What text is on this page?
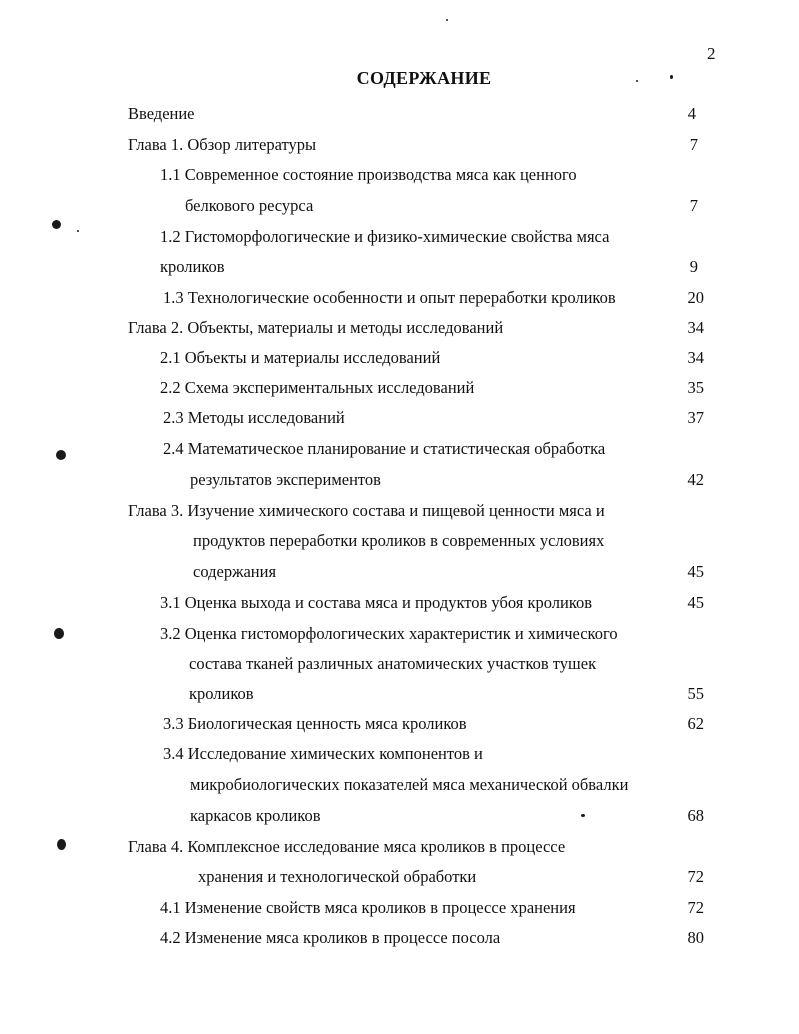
2
СОДЕРЖАНИЕ
Введение	4
Глава 1. Обзор литературы	7
1.1 Современное состояние производства мяса как ценного
белкового ресурса	7
1.2 Гистоморфологические и физико-химические свойства мяса
кроликов	9
1.3 Технологические особенности и опыт переработки кроликов	20
Глава 2. Объекты, материалы и методы исследований	34
2.1 Объекты и материалы исследований	34
2.2 Схема экспериментальных исследований	35
2.3 Методы исследований	37
2.4 Математическое планирование и статистическая обработка
результатов экспериментов	42
Глава 3. Изучение химического состава и пищевой ценности мяса и
продуктов переработки кроликов в современных условиях
содержания	45
3.1 Оценка выхода и состава мяса и продуктов убоя кроликов	45
3.2 Оценка гистоморфологических характеристик и химического
состава тканей различных анатомических участков тушек
кроликов	55
3.3 Биологическая ценность мяса кроликов	62
3.4 Исследование химических компонентов и
микробиологических показателей мяса механической обвалки
каркасов кроликов	68
Глава 4. Комплексное исследование мяса кроликов в процессе
хранения и технологической обработки	72
4.1 Изменение свойств мяса кроликов в процессе хранения	72
4.2 Изменение мяса кроликов в процессе посола	80
